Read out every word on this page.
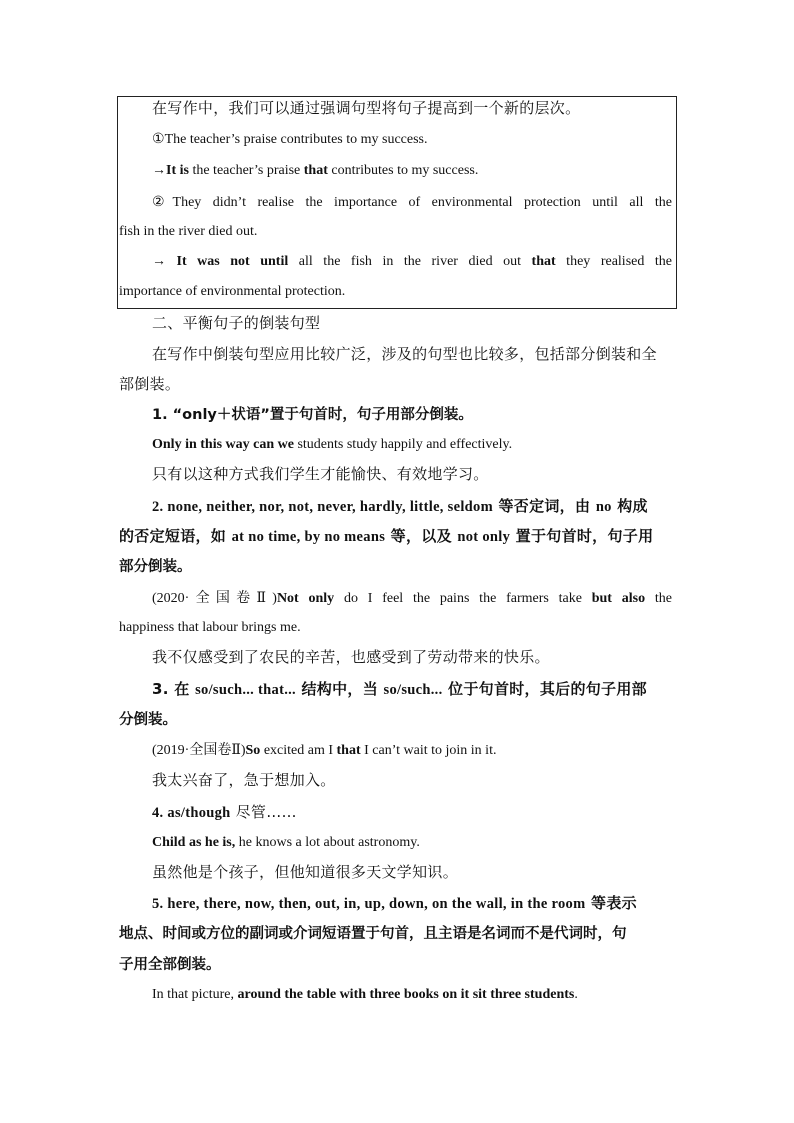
在写作中，我们可以通过强调句型将句子提高到一个新的层次。
①The teacher’s praise contributes to my success.
→It is the teacher’s praise that contributes to my success.
②They didn’t realise the importance of environmental protection until all the
fish in the river died out.
→ It was not until all the fish in the river died out that they realised the
importance of environmental protection.
二、平衡句子的倒装句型
在写作中倒装句型应用比较广泛，涉及的句型也比较多，包括部分倒装和全
部倒装。
1. “only＋状语”置于句首时，句子用部分倒装。
Only in this way can we students study happily and effectively.
只有以这种方式我们学生才能愉快、有效地学习。
2. none, neither, nor, not, never, hardly, little, seldom 等否定词，由 no 构成
的否定短语，如 at no time, by no means 等，以及 not only 置于句首时，句子用
部分倒装。
(2020·全国卷Ⅱ)Not only do I feel the pains the farmers take but also the
happiness that labour brings me.
我不仅感受到了农民的辛苦，也感受到了劳动带来的快乐。
3. 在 so/such... that... 结构中，当 so/such... 位于句首时，其后的句子用部
分倒装。
(2019·全国卷Ⅱ)So excited am I that I can’t wait to join in it.
我太兴奋了，急于想加入。
4. as/though 尽管……
Child as he is, he knows a lot about astronomy.
虽然他是个孩子，但他知道很多天文学知识。
5. here, there, now, then, out, in, up, down, on the wall, in the room 等表示
地点、时间或方位的副词或介词短语置于句首，且主语是名词而不是代词时，句
子用全部倒装。
In that picture, around the table with three books on it sit three students.
